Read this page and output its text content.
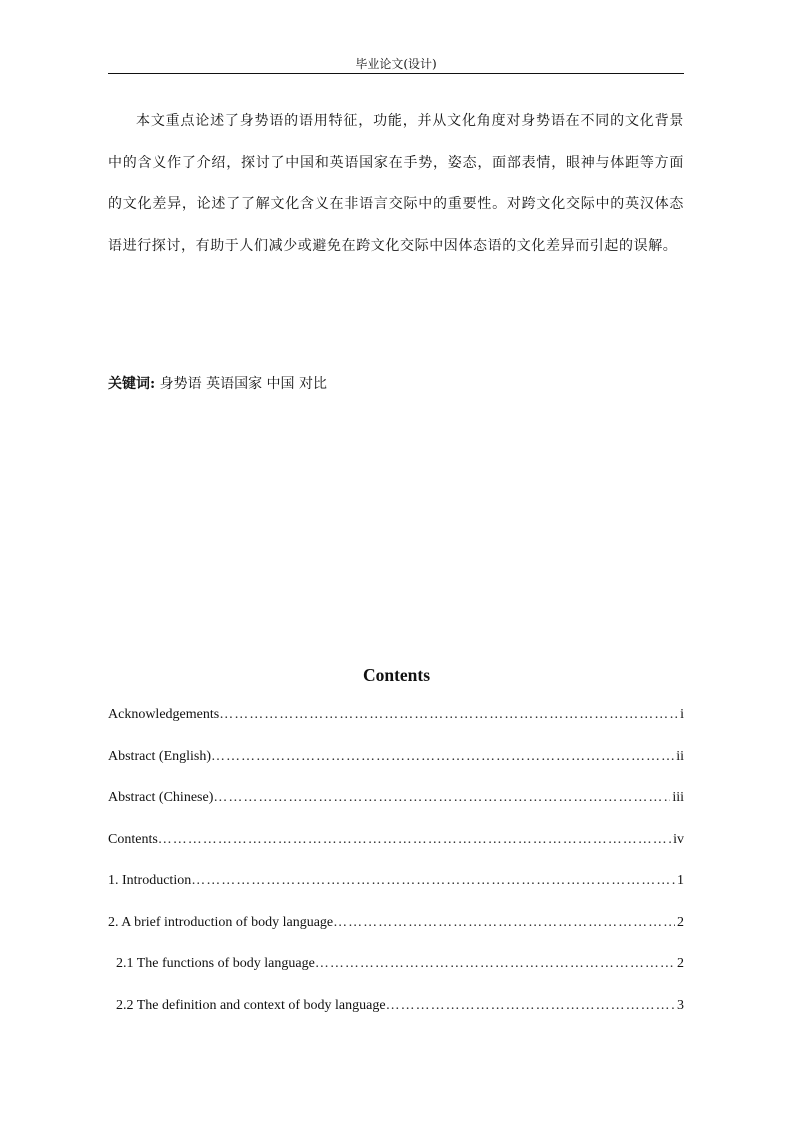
毕业论文(设计)

本文重点论述了身势语的语用特征，功能，并从文化角度对身势语在不同的文化背景中的含义作了介绍，探讨了中国和英语国家在手势，姿态，面部表情，眼神与体距等方面的文化差异，论述了了解文化含义在非语言交际中的重要性。对跨文化交际中的英汉体态语进行探讨，有助于人们减少或避免在跨文化交际中因体态语的文化差异而引起的误解。

关键词: 身势语 英语国家 中国 对比
Contents
Acknowledgements ……………………………………………………………………………………………………………………………………………………………	i
Abstract (English) ……………………………………………………………………………………………………………………………………………………………	ii
Abstract (Chinese) ……………………………………………………………………………………………………………………………………………………………	iii
Contents ……………………………………………………………………………………………………………………………………………………………	iv
1. Introduction ……………………………………………………………………………………………………………………………………………………………	1
2. A brief introduction of body language ……………………………………………………………………………………………………………………………………………………………	2
2.1 The functions of body language ……………………………………………………………………………………………………………………………………………………………	2
2.2 The definition and context of body language ……………………………………………………………………………………………………………………………………………………………	3
